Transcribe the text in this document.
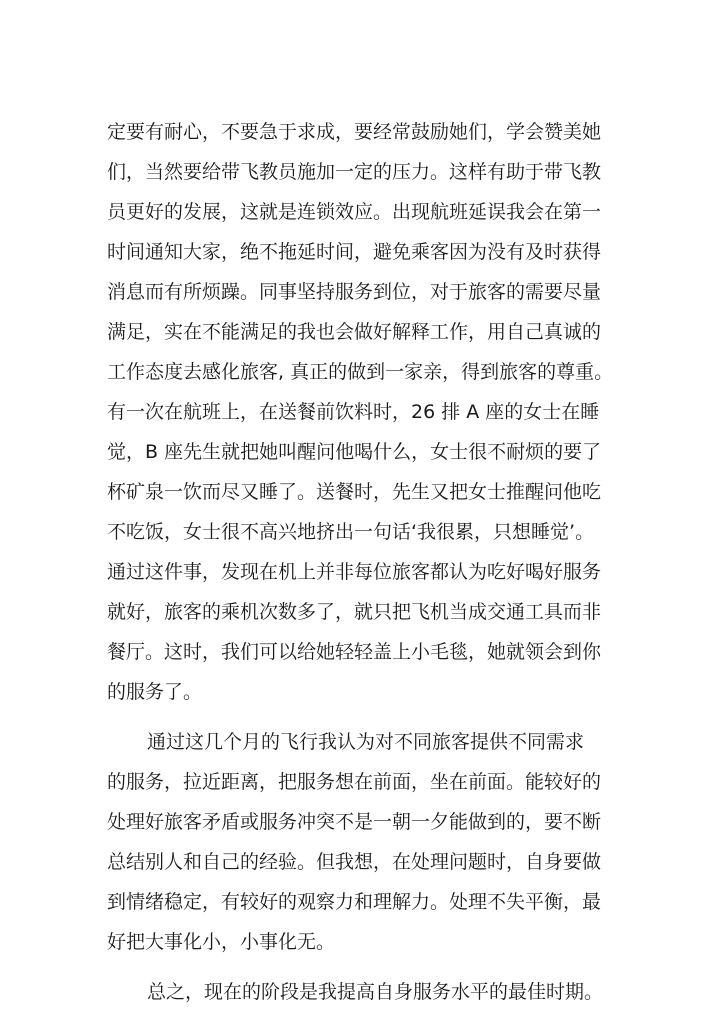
定要有耐心，不要急于求成，要经常鼓励她们，学会赞美她
们，当然要给带飞教员施加一定的压力。这样有助于带飞教
员更好的发展，这就是连锁效应。出现航班延误我会在第一
时间通知大家，绝不拖延时间，避免乘客因为没有及时获得
消息而有所烦躁。同事坚持服务到位，对于旅客的需要尽量
满足，实在不能满足的我也会做好解释工作，用自己真诚的
工作态度去感化旅客, 真正的做到一家亲，得到旅客的尊重。
有一次在航班上，在送餐前饮料时，26 排 A 座的女士在睡
觉，B 座先生就把她叫醒问他喝什么，女士很不耐烦的要了
杯矿泉一饮而尽又睡了。送餐时，先生又把女士推醒问他吃
不吃饭，女士很不高兴地挤出一句话‘我很累，只想睡觉’。
通过这件事，发现在机上并非每位旅客都认为吃好喝好服务
就好，旅客的乘机次数多了，就只把飞机当成交通工具而非
餐厅。这时，我们可以给她轻轻盖上小毛毯，她就领会到你
的服务了。
通过这几个月的飞行我认为对不同旅客提供不同需求
的服务，拉近距离，把服务想在前面，坐在前面。能较好的
处理好旅客矛盾或服务冲突不是一朝一夕能做到的，要不断
总结别人和自己的经验。但我想，在处理问题时，自身要做
到情绪稳定，有较好的观察力和理解力。处理不失平衡，最
好把大事化小，小事化无。
总之，现在的阶段是我提高自身服务水平的最佳时期。
